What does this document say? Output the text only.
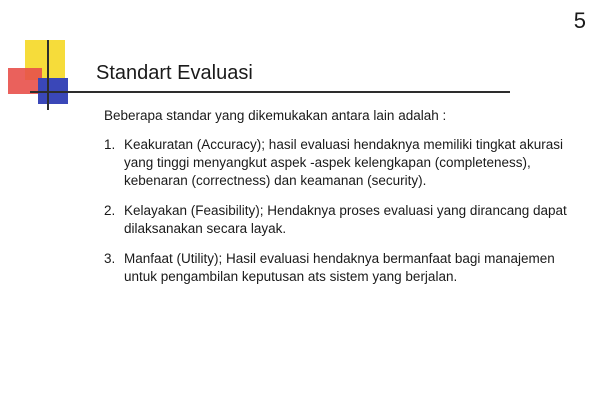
5
Standart Evaluasi

Beberapa standar yang dikemukakan antara lain adalah :

1. Keakuratan (Accuracy); hasil evaluasi hendaknya memiliki tingkat akurasi yang tinggi menyangkut aspek -aspek kelengkapan (completeness), kebenaran (correctness) dan keamanan (security).
2. Kelayakan (Feasibility); Hendaknya proses evaluasi yang dirancang dapat dilaksanakan secara layak.
3. Manfaat (Utility); Hasil evaluasi hendaknya bermanfaat bagi manajemen untuk pengambilan keputusan ats sistem yang berjalan.
